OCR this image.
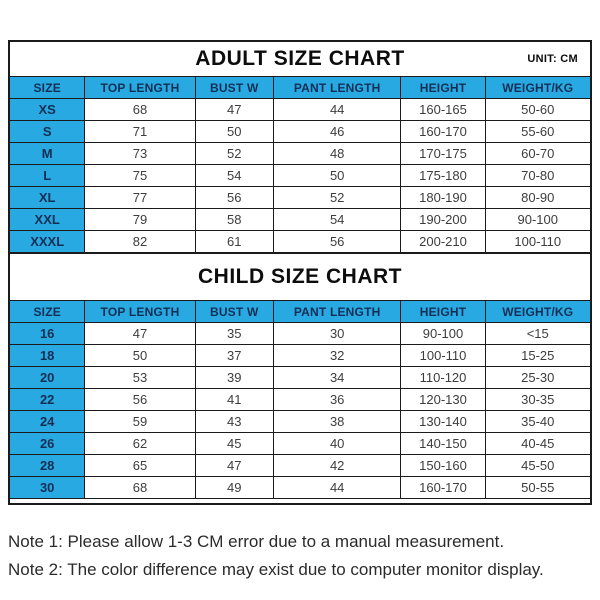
ADULT SIZE CHART	UNIT: CM
SIZE	TOP LENGTH	BUST W	PANT LENGTH	HEIGHT	WEIGHT/KG
XS	68	47	44	160-165	50-60
S	71	50	46	160-170	55-60
M	73	52	48	170-175	60-70
L	75	54	50	175-180	70-80
XL	77	56	52	180-190	80-90
XXL	79	58	54	190-200	90-100
XXXL	82	61	56	200-210	100-110
CHILD SIZE CHART
SIZE	TOP LENGTH	BUST W	PANT LENGTH	HEIGHT	WEIGHT/KG
16	47	35	30	90-100	<15
18	50	37	32	100-110	15-25
20	53	39	34	110-120	25-30
22	56	41	36	120-130	30-35
24	59	43	38	130-140	35-40
26	62	45	40	140-150	40-45
28	65	47	42	150-160	45-50
30	68	49	44	160-170	50-55
Note 1: Please allow 1-3 CM error due to a manual measurement.
Note 2: The color difference may exist due to computer monitor display.
